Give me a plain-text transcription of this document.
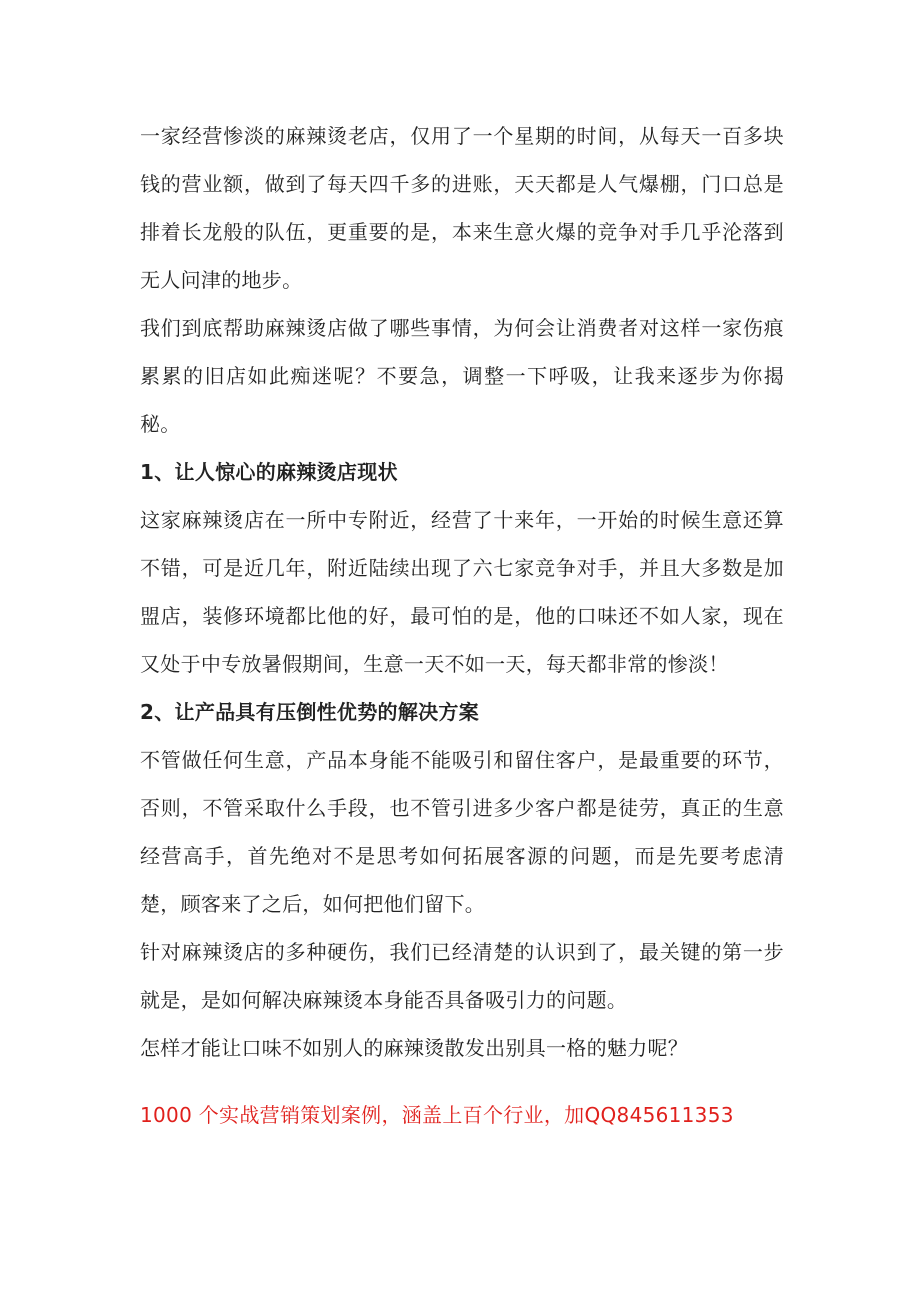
一家经营惨淡的麻辣烫老店，仅用了一个星期的时间，从每天一百多块钱的营业额，做到了每天四千多的进账，天天都是人气爆棚，门口总是排着长龙般的队伍，更重要的是，本来生意火爆的竞争对手几乎沦落到无人问津的地步。

我们到底帮助麻辣烫店做了哪些事情，为何会让消费者对这样一家伤痕累累的旧店如此痴迷呢？不要急，调整一下呼吸，让我来逐步为你揭秘。

1、让人惊心的麻辣烫店现状

这家麻辣烫店在一所中专附近，经营了十来年，一开始的时候生意还算不错，可是近几年，附近陆续出现了六七家竞争对手，并且大多数是加盟店，装修环境都比他的好，最可怕的是，他的口味还不如人家，现在又处于中专放暑假期间，生意一天不如一天，每天都非常的惨淡！

2、让产品具有压倒性优势的解决方案

不管做任何生意，产品本身能不能吸引和留住客户，是最重要的环节，否则，不管采取什么手段，也不管引进多少客户都是徒劳，真正的生意经营高手，首先绝对不是思考如何拓展客源的问题，而是先要考虑清楚，顾客来了之后，如何把他们留下。

针对麻辣烫店的多种硬伤，我们已经清楚的认识到了，最关键的第一步就是，是如何解决麻辣烫本身能否具备吸引力的问题。

怎样才能让口味不如别人的麻辣烫散发出别具一格的魅力呢？

1000 个实战营销策划案例，涵盖上百个行业，加QQ845611353
